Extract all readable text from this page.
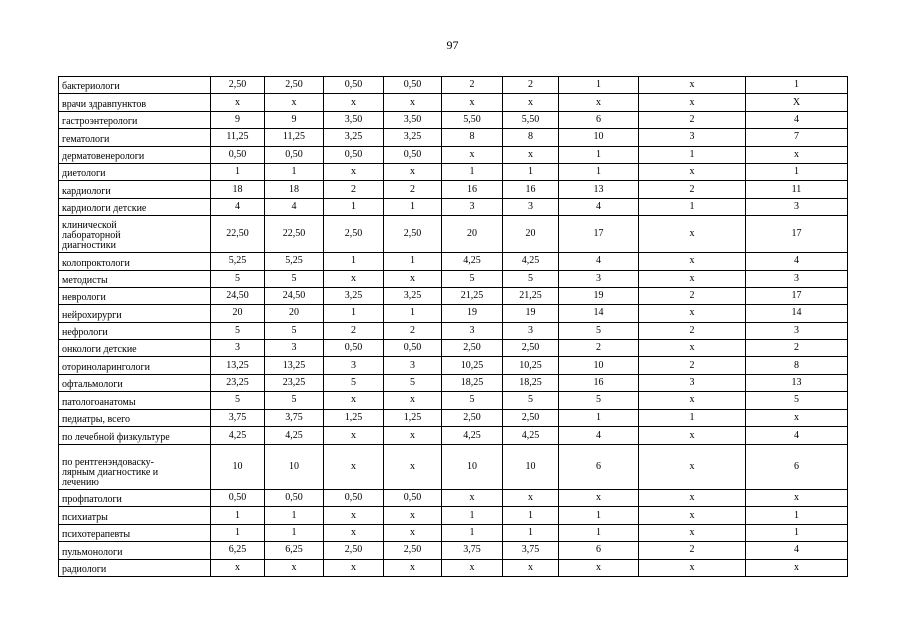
97
бактериологи	2,50	2,50	0,50	0,50	2	2	1	х	1
врачи здравпунктов	х	х	х	х	х	х	х	х	Х
гастроэнтерологи	9	9	3,50	3,50	5,50	5,50	6	2	4
гематологи	11,25	11,25	3,25	3,25	8	8	10	3	7
дерматовенерологи	0,50	0,50	0,50	0,50	х	х	1	1	х
диетологи	1	1	х	х	1	1	1	х	1
кардиологи	18	18	2	2	16	16	13	2	11
кардиологи детские	4	4	1	1	3	3	4	1	3
клинической
лабораторной
диагностики	22,50	22,50	2,50	2,50	20	20	17	х	17
колопроктологи	5,25	5,25	1	1	4,25	4,25	4	х	4
методисты	5	5	х	х	5	5	3	х	3
неврологи	24,50	24,50	3,25	3,25	21,25	21,25	19	2	17
нейрохирурги	20	20	1	1	19	19	14	х	14
нефрологи	5	5	2	2	3	3	5	2	3
онкологи детские	3	3	0,50	0,50	2,50	2,50	2	х	2
оториноларингологи	13,25	13,25	3	3	10,25	10,25	10	2	8
офтальмологи	23,25	23,25	5	5	18,25	18,25	16	3	13
патологоанатомы	5	5	х	х	5	5	5	х	5
педиатры, всего	3,75	3,75	1,25	1,25	2,50	2,50	1	1	х
по лечебной физкультуре	4,25	4,25	х	х	4,25	4,25	4	х	4
по рентгенэндоваску-
лярным диагностике и
лечению	10	10	х	х	10	10	6	х	6
профпатологи	0,50	0,50	0,50	0,50	х	х	х	х	х
психиатры	1	1	х	х	1	1	1	х	1
психотерапевты	1	1	х	х	1	1	1	х	1
пульмонологи	6,25	6,25	2,50	2,50	3,75	3,75	6	2	4
радиологи	х	х	х	х	х	х	х	х	х
